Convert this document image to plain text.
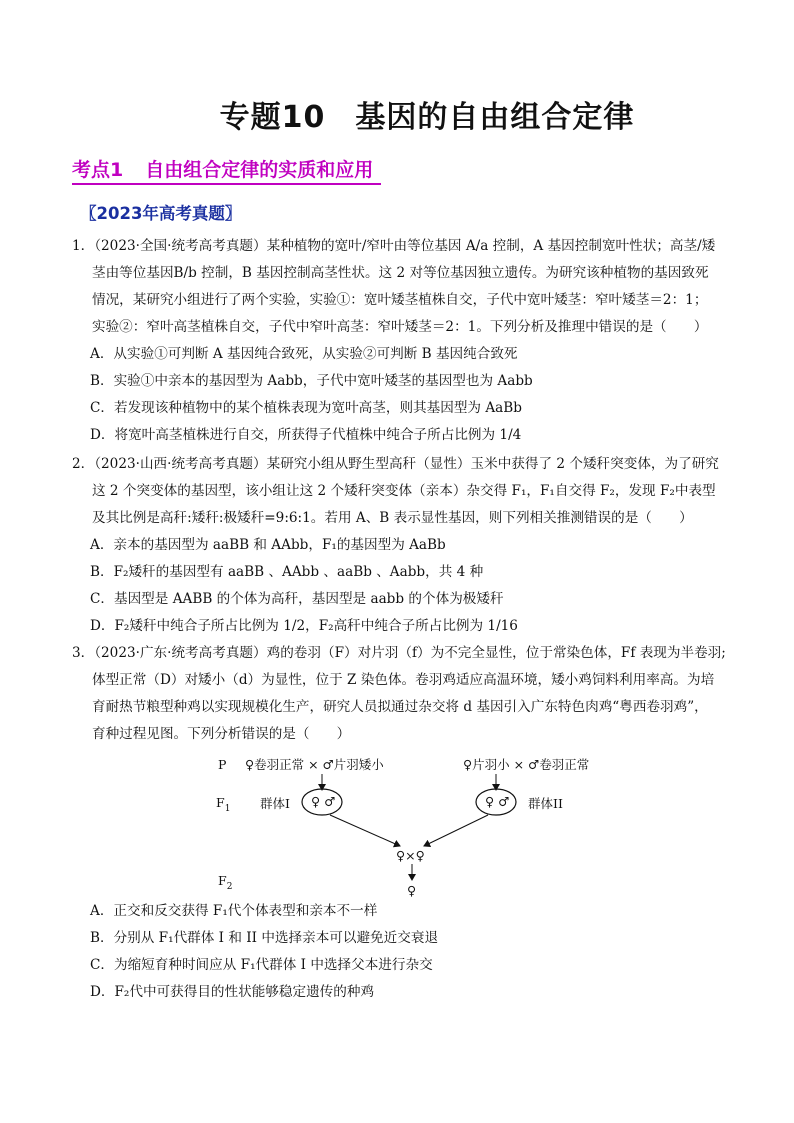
专题10 基因的自由组合定律
考点1 自由组合定律的实质和应用
〖2023年高考真题〗
1．（2023·全国·统考高考真题）某种植物的宽叶/窄叶由等位基因 A/a 控制，A 基因控制宽叶性状；高茎/矮
茎由等位基因B/b 控制，B 基因控制高茎性状。这 2 对等位基因独立遗传。为研究该种植物的基因致死
情况，某研究小组进行了两个实验，实验①：宽叶矮茎植株自交，子代中宽叶矮茎：窄叶矮茎＝2：1；
实验②：窄叶高茎植株自交，子代中窄叶高茎：窄叶矮茎＝2：1。下列分析及推理中错误的是（　　）
A．从实验①可判断 A 基因纯合致死，从实验②可判断 B 基因纯合致死
B．实验①中亲本的基因型为 Aabb，子代中宽叶矮茎的基因型也为 Aabb
C．若发现该种植物中的某个植株表现为宽叶高茎，则其基因型为 AaBb
D．将宽叶高茎植株进行自交，所获得子代植株中纯合子所占比例为 1/4
2．（2023·山西·统考高考真题）某研究小组从野生型高秆（显性）玉米中获得了 2 个矮秆突变体，为了研究
这 2 个突变体的基因型，该小组让这 2 个矮秆突变体（亲本）杂交得 F₁，F₁自交得 F₂，发现 F₂中表型
及其比例是高秆:矮秆:极矮秆=9:6:1。若用 A、B 表示显性基因，则下列相关推测错误的是（　　）
A．亲本的基因型为 aaBB 和 AAbb，F₁的基因型为 AaBb
B．F₂矮秆的基因型有 aaBB 、AAbb 、aaBb 、Aabb，共 4 种
C．基因型是 AABB 的个体为高秆，基因型是 aabb 的个体为极矮秆
D．F₂矮秆中纯合子所占比例为 1/2，F₂高秆中纯合子所占比例为 1/16
3．（2023·广东·统考高考真题）鸡的卷羽（F）对片羽（f）为不完全显性，位于常染色体，Ff 表现为半卷羽;
体型正常（D）对矮小（d）为显性，位于 Z 染色体。卷羽鸡适应高温环境，矮小鸡饲料利用率高。为培
育耐热节粮型种鸡以实现规模化生产，研究人员拟通过杂交将 d 基因引入广东特色肉鸡“粤西卷羽鸡”，
育种过程见图。下列分析错误的是（　　）
P ♀卷羽正常 × ♂片羽矮小	♀片羽小 × ♂卷羽正常
$F_1$ 群体I ♀ ♂	♀ ♂ 群体II
♀×♀
$F_2$	♀
A．正交和反交获得 F₁代个体表型和亲本不一样
B．分别从 F₁代群体 I 和 II 中选择亲本可以避免近交衰退
C．为缩短育种时间应从 F₁代群体 I 中选择父本进行杂交
D．F₂代中可获得目的性状能够稳定遗传的种鸡
